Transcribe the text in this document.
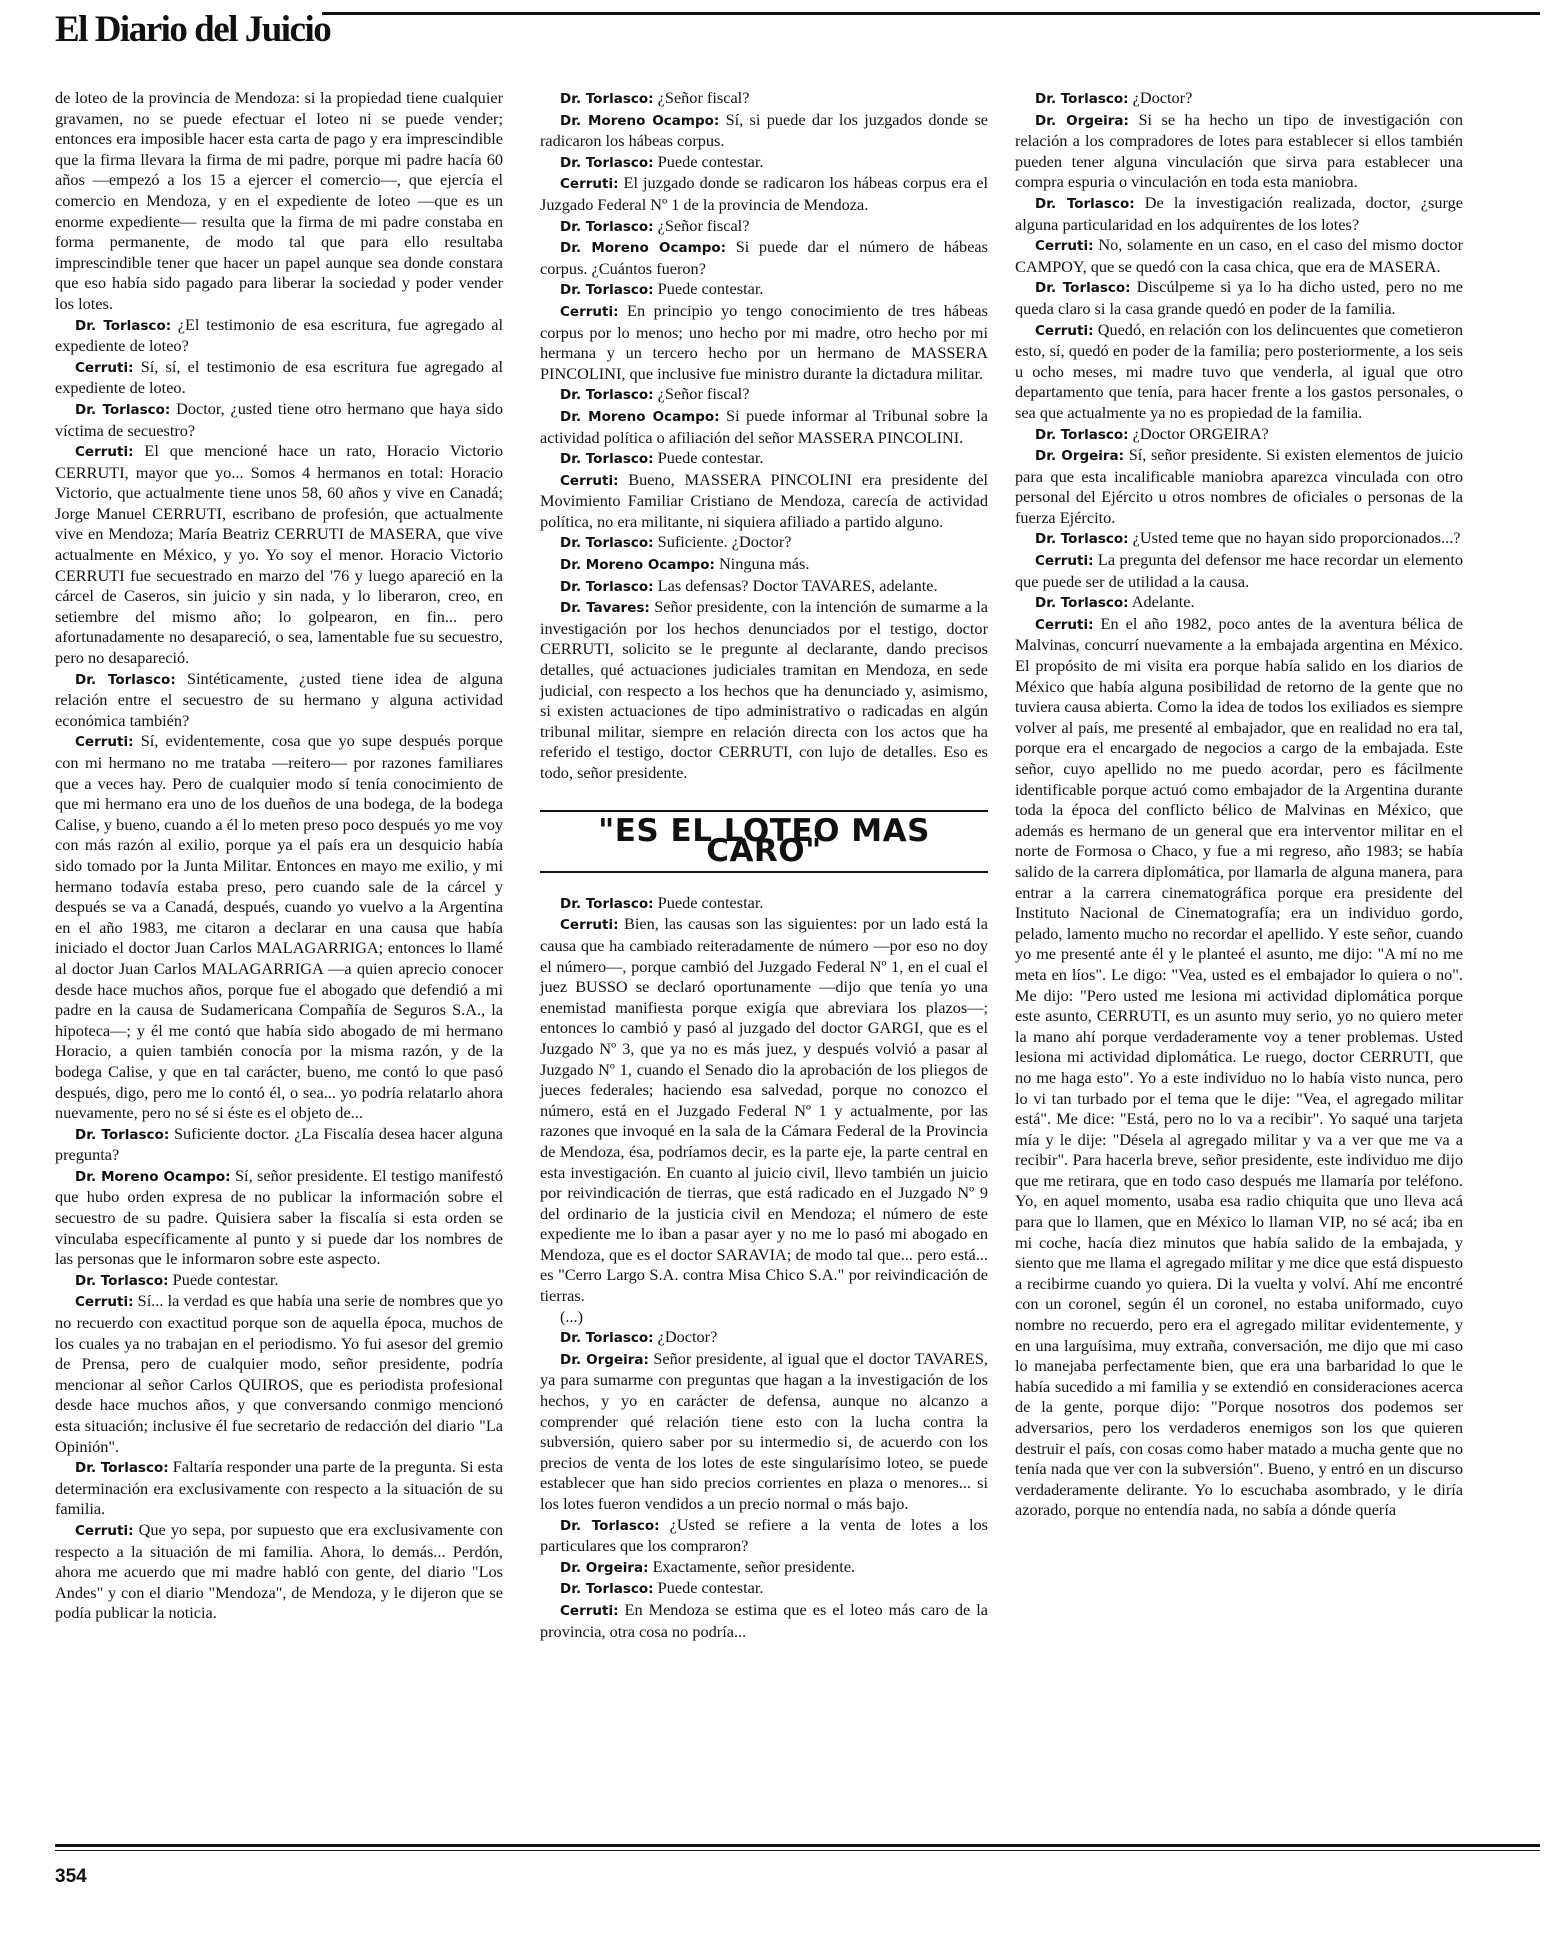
El Diario del Juicio

de loteo de la provincia de Mendoza: si la propiedad tiene cualquier gravamen, no se puede efectuar el loteo ni se puede vender; entonces era imposible hacer esta carta de pago y era imprescindible que la firma llevara la firma de mi padre, porque mi padre hacía 60 años —empezó a los 15 a ejercer el comercio—, que ejercía el comercio en Mendoza, y en el expediente de loteo —que es un enorme expediente— resulta que la firma de mi padre constaba en forma permanente, de modo tal que para ello resultaba imprescindible tener que hacer un papel aunque sea donde constara que eso había sido pagado para liberar la sociedad y poder vender los lotes.

Dr. Torlasco: ¿El testimonio de esa escritura, fue agregado al expediente de loteo?

Cerruti: Sí, sí, el testimonio de esa escritura fue agregado al expediente de loteo.

Dr. Torlasco: Doctor, ¿usted tiene otro hermano que haya sido víctima de secuestro?

Cerruti: El que mencioné hace un rato, Horacio Victorio CERRUTI, mayor que yo... Somos 4 hermanos en total: Horacio Victorio, que actualmente tiene unos 58, 60 años y vive en Canadá; Jorge Manuel CERRUTI, escribano de profesión, que actualmente vive en Mendoza; María Beatriz CERRUTI de MASERA, que vive actualmente en México, y yo. Yo soy el menor. Horacio Victorio CERRUTI fue secuestrado en marzo del '76 y luego apareció en la cárcel de Caseros, sin juicio y sin nada, y lo liberaron, creo, en setiembre del mismo año; lo golpearon, en fin... pero afortunadamente no desapareció, o sea, lamentable fue su secuestro, pero no desapareció.

Dr. Torlasco: Sintéticamente, ¿usted tiene idea de alguna relación entre el secuestro de su hermano y alguna actividad económica también?

Cerruti: Sí, evidentemente, cosa que yo supe después porque con mi hermano no me trataba —reitero— por razones familiares que a veces hay. Pero de cualquier modo sí tenía conocimiento de que mi hermano era uno de los dueños de una bodega, de la bodega Calise, y bueno, cuando a él lo meten preso poco después yo me voy con más razón al exilio, porque ya el país era un desquicio había sido tomado por la Junta Militar. Entonces en mayo me exilio, y mi hermano todavía estaba preso, pero cuando sale de la cárcel y después se va a Canadá, después, cuando yo vuelvo a la Argentina en el año 1983, me citaron a declarar en una causa que había iniciado el doctor Juan Carlos MALAGARRIGA; entonces lo llamé al doctor Juan Carlos MALAGARRIGA —a quien aprecio conocer desde hace muchos años, porque fue el abogado que defendió a mi padre en la causa de Sudamericana Compañía de Seguros S.A., la hipoteca—; y él me contó que había sido abogado de mi hermano Horacio, a quien también conocía por la misma razón, y de la bodega Calise, y que en tal carácter, bueno, me contó lo que pasó después, digo, pero me lo contó él, o sea... yo podría relatarlo ahora nuevamente, pero no sé si éste es el objeto de...

Dr. Torlasco: Suficiente doctor. ¿La Fiscalía desea hacer alguna pregunta?

Dr. Moreno Ocampo: Sí, señor presidente. El testigo manifestó que hubo orden expresa de no publicar la información sobre el secuestro de su padre. Quisiera saber la fiscalía si esta orden se vinculaba específicamente al punto y si puede dar los nombres de las personas que le informaron sobre este aspecto.

Dr. Torlasco: Puede contestar.

Cerruti: Sí... la verdad es que había una serie de nombres que yo no recuerdo con exactitud porque son de aquella época, muchos de los cuales ya no trabajan en el periodismo. Yo fui asesor del gremio de Prensa, pero de cualquier modo, señor presidente, podría mencionar al señor Carlos QUIROS, que es periodista profesional desde hace muchos años, y que conversando conmigo mencionó esta situación; inclusive él fue secretario de redacción del diario "La Opinión".

Dr. Torlasco: Faltaría responder una parte de la pregunta. Si esta determinación era exclusivamente con respecto a la situación de su familia.

Cerruti: Que yo sepa, por supuesto que era exclusivamente con respecto a la situación de mi familia. Ahora, lo demás... Perdón, ahora me acuerdo que mi madre habló con gente, del diario "Los Andes" y con el diario "Mendoza", de Mendoza, y le dijeron que se podía publicar la noticia.

Dr. Torlasco: ¿Señor fiscal?

Dr. Moreno Ocampo: Sí, si puede dar los juzgados donde se radicaron los hábeas corpus.

Dr. Torlasco: Puede contestar.

Cerruti: El juzgado donde se radicaron los hábeas corpus era el Juzgado Federal Nº 1 de la provincia de Mendoza.

Dr. Torlasco: ¿Señor fiscal?

Dr. Moreno Ocampo: Si puede dar el número de hábeas corpus. ¿Cuántos fueron?

Dr. Torlasco: Puede contestar.

Cerruti: En principio yo tengo conocimiento de tres hábeas corpus por lo menos; uno hecho por mi madre, otro hecho por mi hermana y un tercero hecho por un hermano de MASSERA PINCOLINI, que inclusive fue ministro durante la dictadura militar.

Dr. Torlasco: ¿Señor fiscal?

Dr. Moreno Ocampo: Si puede informar al Tribunal sobre la actividad política o afiliación del señor MASSERA PINCOLINI.

Dr. Torlasco: Puede contestar.

Cerruti: Bueno, MASSERA PINCOLINI era presidente del Movimiento Familiar Cristiano de Mendoza, carecía de actividad política, no era militante, ni siquiera afiliado a partido alguno.

Dr. Torlasco: Suficiente. ¿Doctor?

Dr. Moreno Ocampo: Ninguna más.

Dr. Torlasco: Las defensas? Doctor TAVARES, adelante.

Dr. Tavares: Señor presidente, con la intención de sumarme a la investigación por los hechos denunciados por el testigo, doctor CERRUTI, solicito se le pregunte al declarante, dando precisos detalles, qué actuaciones judiciales tramitan en Mendoza, en sede judicial, con respecto a los hechos que ha denunciado y, asimismo, si existen actuaciones de tipo administrativo o radicadas en algún tribunal militar, siempre en relación directa con los actos que ha referido el testigo, doctor CERRUTI, con lujo de detalles. Eso es todo, señor presidente.

"ES EL LOTEO MAS CARO"

Dr. Torlasco: Puede contestar.

Cerruti: Bien, las causas son las siguientes: por un lado está la causa que ha cambiado reiteradamente de número —por eso no doy el número—, porque cambió del Juzgado Federal Nº 1, en el cual el juez BUSSO se declaró oportunamente —dijo que tenía yo una enemistad manifiesta porque exigía que abreviara los plazos—; entonces lo cambió y pasó al juzgado del doctor GARGI, que es el Juzgado Nº 3, que ya no es más juez, y después volvió a pasar al Juzgado Nº 1, cuando el Senado dio la aprobación de los pliegos de jueces federales; haciendo esa salvedad, porque no conozco el número, está en el Juzgado Federal Nº 1 y actualmente, por las razones que invoqué en la sala de la Cámara Federal de la Provincia de Mendoza, ésa, podríamos decir, es la parte eje, la parte central en esta investigación. En cuanto al juicio civil, llevo también un juicio por reivindicación de tierras, que está radicado en el Juzgado Nº 9 del ordinario de la justicia civil en Mendoza; el número de este expediente me lo iban a pasar ayer y no me lo pasó mi abogado en Mendoza, que es el doctor SARAVIA; de modo tal que... pero está... es "Cerro Largo S.A. contra Misa Chico S.A." por reivindicación de tierras.

(...)

Dr. Torlasco: ¿Doctor?

Dr. Orgeira: Señor presidente, al igual que el doctor TAVARES, ya para sumarme con preguntas que hagan a la investigación de los hechos, y yo en carácter de defensa, aunque no alcanzo a comprender qué relación tiene esto con la lucha contra la subversión, quiero saber por su intermedio si, de acuerdo con los precios de venta de los lotes de este singularísimo loteo, se puede establecer que han sido precios corrientes en plaza o menores... si los lotes fueron vendidos a un precio normal o más bajo.

Dr. Torlasco: ¿Usted se refiere a la venta de lotes a los particulares que los compraron?

Dr. Orgeira: Exactamente, señor presidente.

Dr. Torlasco: Puede contestar.

Cerruti: En Mendoza se estima que es el loteo más caro de la provincia, otra cosa no podría...

Dr. Torlasco: ¿Doctor?

Dr. Orgeira: Si se ha hecho un tipo de investigación con relación a los compradores de lotes para establecer si ellos también pueden tener alguna vinculación que sirva para establecer una compra espuria o vinculación en toda esta maniobra.

Dr. Torlasco: De la investigación realizada, doctor, ¿surge alguna particularidad en los adquirentes de los lotes?

Cerruti: No, solamente en un caso, en el caso del mismo doctor CAMPOY, que se quedó con la casa chica, que era de MASERA.

Dr. Torlasco: Discúlpeme si ya lo ha dicho usted, pero no me queda claro si la casa grande quedó en poder de la familia.

Cerruti: Quedó, en relación con los delincuentes que cometieron esto, sí, quedó en poder de la familia; pero posteriormente, a los seis u ocho meses, mi madre tuvo que venderla, al igual que otro departamento que tenía, para hacer frente a los gastos personales, o sea que actualmente ya no es propiedad de la familia.

Dr. Torlasco: ¿Doctor ORGEIRA?

Dr. Orgeira: Sí, señor presidente. Si existen elementos de juicio para que esta incalificable maniobra aparezca vinculada con otro personal del Ejército u otros nombres de oficiales o personas de la fuerza Ejército.

Dr. Torlasco: ¿Usted teme que no hayan sido proporcionados...?

Cerruti: La pregunta del defensor me hace recordar un elemento que puede ser de utilidad a la causa.

Dr. Torlasco: Adelante.

Cerruti: En el año 1982, poco antes de la aventura bélica de Malvinas, concurrí nuevamente a la embajada argentina en México. El propósito de mi visita era porque había salido en los diarios de México que había alguna posibilidad de retorno de la gente que no tuviera causa abierta. Como la idea de todos los exiliados es siempre volver al país, me presenté al embajador, que en realidad no era tal, porque era el encargado de negocios a cargo de la embajada. Este señor, cuyo apellido no me puedo acordar, pero es fácilmente identificable porque actuó como embajador de la Argentina durante toda la época del conflicto bélico de Malvinas en México, que además es hermano de un general que era interventor militar en el norte de Formosa o Chaco, y fue a mi regreso, año 1983; se había salido de la carrera diplomática, por llamarla de alguna manera, para entrar a la carrera cinematográfica porque era presidente del Instituto Nacional de Cinematografía; era un individuo gordo, pelado, lamento mucho no recordar el apellido. Y este señor, cuando yo me presenté ante él y le planteé el asunto, me dijo: "A mí no me meta en líos". Le digo: "Vea, usted es el embajador lo quiera o no". Me dijo: "Pero usted me lesiona mi actividad diplomática porque este asunto, CERRUTI, es un asunto muy serio, yo no quiero meter la mano ahí porque verdaderamente voy a tener problemas. Usted lesiona mi actividad diplomática. Le ruego, doctor CERRUTI, que no me haga esto". Yo a este individuo no lo había visto nunca, pero lo vi tan turbado por el tema que le dije: "Vea, el agregado militar está". Me dice: "Está, pero no lo va a recibir". Yo saqué una tarjeta mía y le dije: "Désela al agregado militar y va a ver que me va a recibir". Para hacerla breve, señor presidente, este individuo me dijo que me retirara, que en todo caso después me llamaría por teléfono. Yo, en aquel momento, usaba esa radio chiquita que uno lleva acá para que lo llamen, que en México lo llaman VIP, no sé acá; iba en mi coche, hacía diez minutos que había salido de la embajada, y siento que me llama el agregado militar y me dice que está dispuesto a recibirme cuando yo quiera. Di la vuelta y volví. Ahí me encontré con un coronel, según él un coronel, no estaba uniformado, cuyo nombre no recuerdo, pero era el agregado militar evidentemente, y en una larguísima, muy extraña, conversación, me dijo que mi caso lo manejaba perfectamente bien, que era una barbaridad lo que le había sucedido a mi familia y se extendió en consideraciones acerca de la gente, porque dijo: "Porque nosotros dos podemos ser adversarios, pero los verdaderos enemigos son los que quieren destruir el país, con cosas como haber matado a mucha gente que no tenía nada que ver con la subversión". Bueno, y entró en un discurso verdaderamente delirante. Yo lo escuchaba asombrado, y le diría azorado, porque no entendía nada, no sabía a dónde quería

354
